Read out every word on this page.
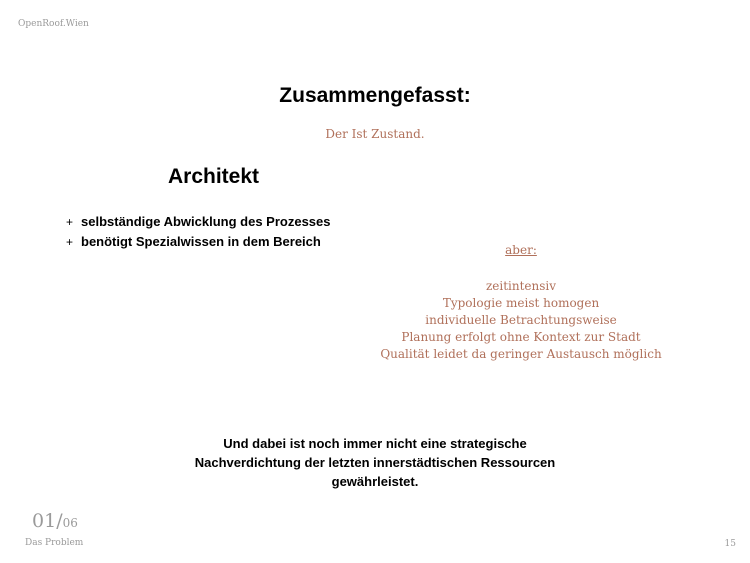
OpenRoof.Wien
Zusammengefasst:
Der Ist Zustand.
Architekt
+ selbständige Abwicklung des Prozesses
+ benötigt Spezialwissen in dem Bereich
aber:
zeitintensiv
Typologie meist homogen
individuelle Betrachtungsweise
Planung erfolgt ohne Kontext zur Stadt
Qualität leidet da geringer Austausch möglich
Und dabei ist noch immer nicht eine strategische
Nachverdichtung der letzten innerstädtischen Ressourcen
gewährleistet.
01/06
Das Problem	15
